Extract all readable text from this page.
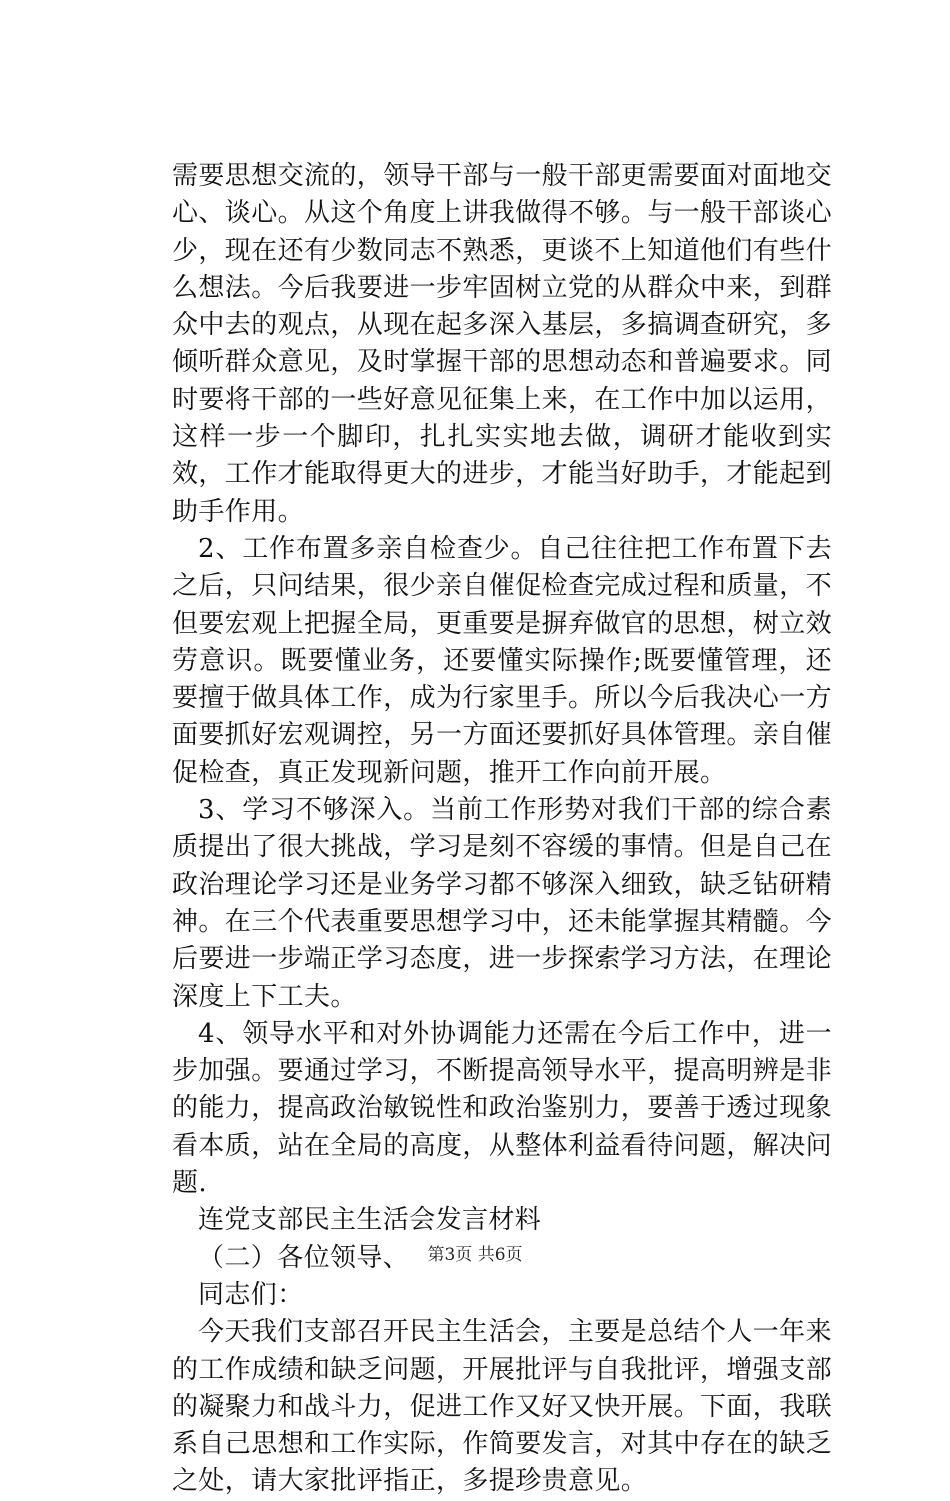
需要思想交流的，领导干部与一般干部更需要面对面地交心、谈心。从这个角度上讲我做得不够。与一般干部谈心少，现在还有少数同志不熟悉，更谈不上知道他们有些什么想法。今后我要进一步牢固树立党的从群众中来，到群众中去的观点，从现在起多深入基层，多搞调查研究，多倾听群众意见，及时掌握干部的思想动态和普遍要求。同时要将干部的一些好意见征集上来，在工作中加以运用，这样一步一个脚印，扎扎实实地去做，调研才能收到实效，工作才能取得更大的进步，才能当好助手，才能起到助手作用。

2、工作布置多亲自检查少。自己往往把工作布置下去之后，只问结果，很少亲自催促检查完成过程和质量，不但要宏观上把握全局，更重要是摒弃做官的思想，树立效劳意识。既要懂业务，还要懂实际操作;既要懂管理，还要擅于做具体工作，成为行家里手。所以今后我决心一方面要抓好宏观调控，另一方面还要抓好具体管理。亲自催促检查，真正发现新问题，推开工作向前开展。

3、学习不够深入。当前工作形势对我们干部的综合素质提出了很大挑战，学习是刻不容缓的事情。但是自己在政治理论学习还是业务学习都不够深入细致，缺乏钻研精神。在三个代表重要思想学习中，还未能掌握其精髓。今后要进一步端正学习态度，进一步探索学习方法，在理论深度上下工夫。

4、领导水平和对外协调能力还需在今后工作中，进一步加强。要通过学习，不断提高领导水平，提高明辨是非的能力，提高政治敏锐性和政治鉴别力，要善于透过现象看本质，站在全局的高度，从整体利益看待问题，解决问题.

连党支部民主生活会发言材料

（二）各位领导、

同志们：

今天我们支部召开民主生活会，主要是总结个人一年来的工作成绩和缺乏问题，开展批评与自我批评，增强支部的凝聚力和战斗力，促进工作又好又快开展。下面，我联系自己思想和工作实际，作简要发言，对其中存在的缺乏之处，请大家批评指正，多提珍贵意见。

第3页 共6页
